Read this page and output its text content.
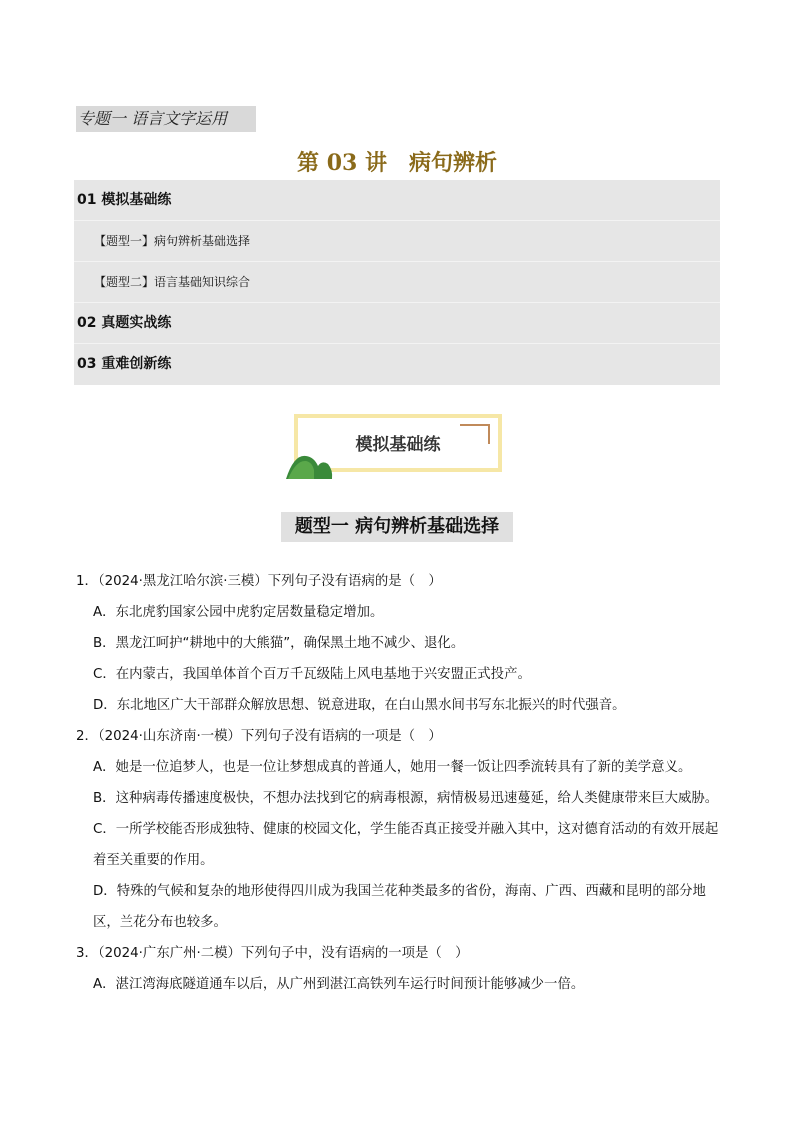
专题一 语言文字运用
第 03 讲　病句辨析
01 模拟基础练
【题型一】病句辨析基础选择
【题型二】语言基础知识综合
02 真题实战练
03 重难创新练
模拟基础练
题型一 病句辨析基础选择

1．（2024·黑龙江哈尔滨·三模）下列句子没有语病的是（　）

A．东北虎豹国家公园中虎豹定居数量稳定增加。

B．黑龙江呵护“耕地中的大熊猫”，确保黑土地不减少、退化。

C．在内蒙古，我国单体首个百万千瓦级陆上风电基地于兴安盟正式投产。

D．东北地区广大干部群众解放思想、锐意进取，在白山黑水间书写东北振兴的时代强音。

2．（2024·山东济南·一模）下列句子没有语病的一项是（　）

A．她是一位追梦人，也是一位让梦想成真的普通人，她用一餐一饭让四季流转具有了新的美学意义。

B．这种病毒传播速度极快，不想办法找到它的病毒根源，病情极易迅速蔓延，给人类健康带来巨大威胁。

C．一所学校能否形成独特、健康的校园文化，学生能否真正接受并融入其中，这对德育活动的有效开展起着至关重要的作用。

D．特殊的气候和复杂的地形使得四川成为我国兰花种类最多的省份，海南、广西、西藏和昆明的部分地区，兰花分布也较多。

3．（2024·广东广州·二模）下列句子中，没有语病的一项是（　）

A．湛江湾海底隧道通车以后，从广州到湛江高铁列车运行时间预计能够减少一倍。
